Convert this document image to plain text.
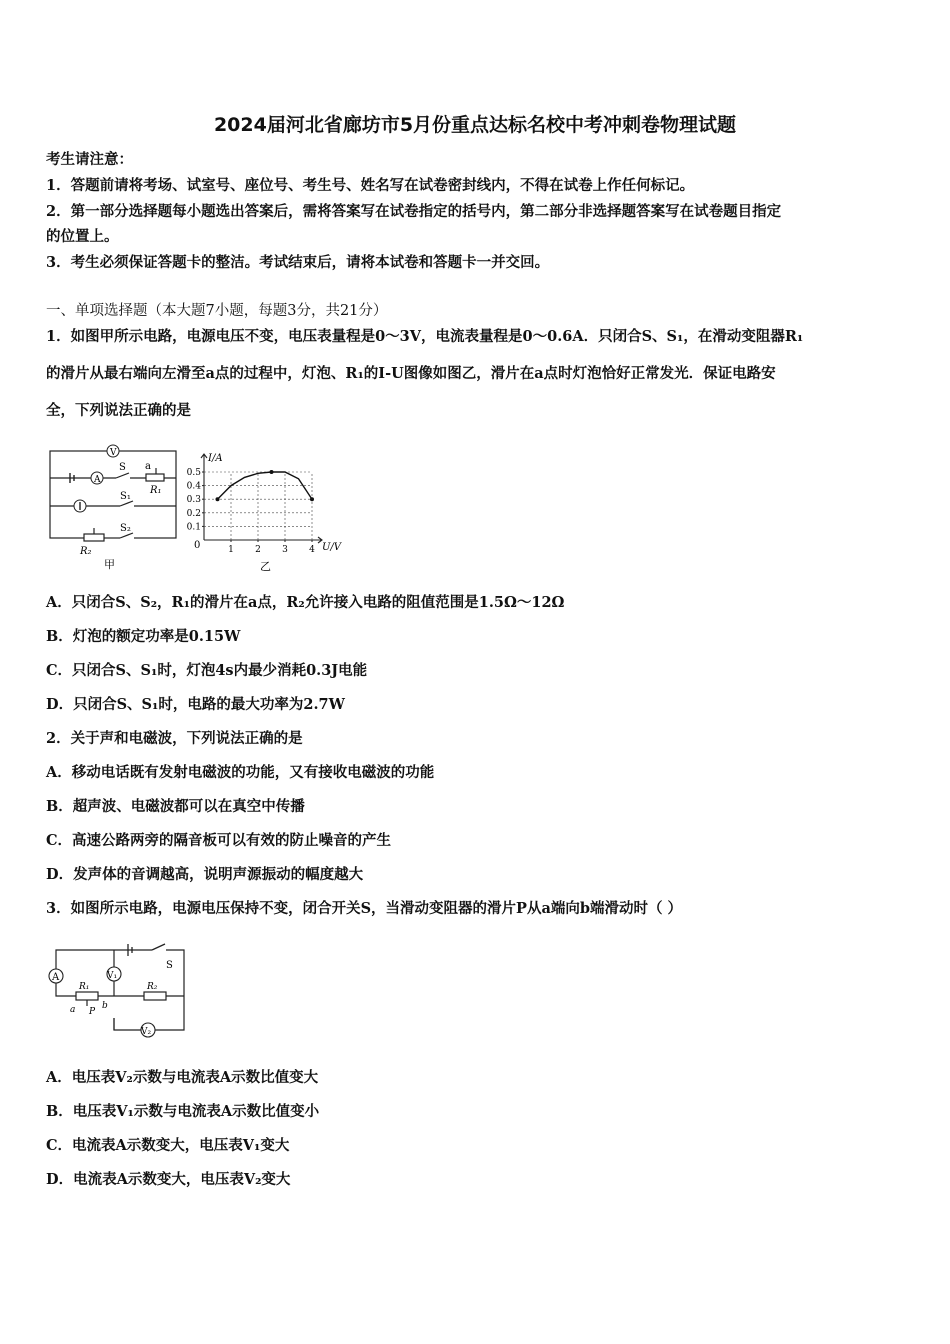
2024届河北省廊坊市5月份重点达标名校中考冲刺卷物理试题
考生请注意：
1．答题前请将考场、试室号、座位号、考生号、姓名写在试卷密封线内，不得在试卷上作任何标记。
2．第一部分选择题每小题选出答案后，需将答案写在试卷指定的括号内，第二部分非选择题答案写在试卷题目指定
的位置上。
3．考生必须保证答题卡的整洁。考试结束后，请将本试卷和答题卡一并交回。
一、单项选择题（本大题7小题，每题3分，共21分）
1．如图甲所示电路，电源电压不变，电压表量程是0～3V，电流表量程是0～0.6A．只闭合S、S₁，在滑动变阻器R₁
的滑片从最右端向左滑至a点的过程中，灯泡、R₁的I-U图像如图乙，滑片在a点时灯泡恰好正常发光．保证电路安
全，下列说法正确的是
V
A
S a
R₁
S₁
S₂
R₂
甲
0.1
0.2
0.3
0.4
0.5
1 2 3 4
I/A
U/V
0
乙
A．只闭合S、S₂，R₁的滑片在a点，R₂允许接入电路的阻值范围是1.5Ω～12Ω
B．灯泡的额定功率是0.15W
C．只闭合S、S₁时，灯泡4s内最少消耗0.3J电能
D．只闭合S、S₁时，电路的最大功率为2.7W
2．关于声和电磁波，下列说法正确的是
A．移动电话既有发射电磁波的功能，又有接收电磁波的功能
B．超声波、电磁波都可以在真空中传播
C．高速公路两旁的隔音板可以有效的防止噪音的产生
D．发声体的音调越高，说明声源振动的幅度越大
3．如图所示电路，电源电压保持不变，闭合开关S，当滑动变阻器的滑片P从a端向b端滑动时（ ）
A	V₁
V₂
S
R₁	R₂
a	b
P
A．电压表V₂示数与电流表A示数比值变大
B．电压表V₁示数与电流表A示数比值变小
C．电流表A示数变大，电压表V₁变大
D．电流表A示数变大，电压表V₂变大
